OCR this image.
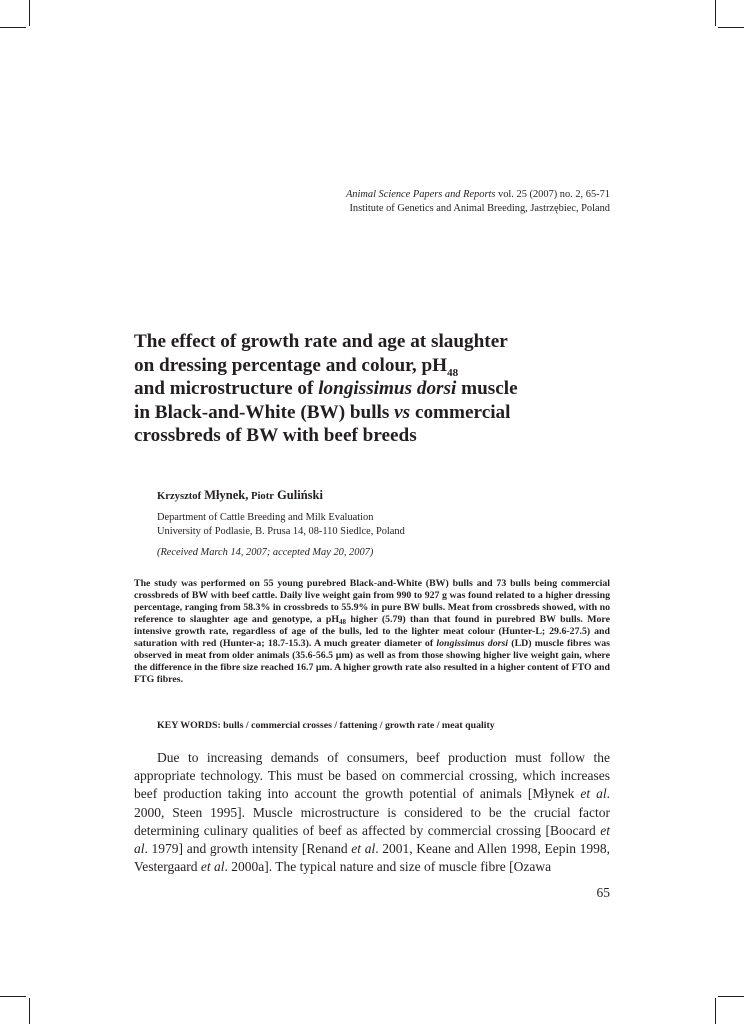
Animal Science Papers and Reports vol. 25 (2007) no. 2, 65-71
Institute of Genetics and Animal Breeding, Jastrzębiec, Poland
The effect of growth rate and age at slaughter
on dressing percentage and colour, $pH_{48}$
and microstructure of longissimus dorsi muscle
in Black-and-White (BW) bulls vs commercial
crossbreds of BW with beef breeds
Krzysztof Młynek, Piotr Guliński
Department of Cattle Breeding and Milk Evaluation
University of Podlasie, B. Prusa 14, 08-110 Siedlce, Poland
(Received March 14, 2007; accepted May 20, 2007)

The study was performed on 55 young purebred Black-and-White (BW) bulls and 73 bulls being commercial crossbreds of BW with beef cattle. Daily live weight gain from 990 to 927 g was found related to a higher dressing percentage, ranging from 58.3% in crossbreds to 55.9% in pure BW bulls. Meat from crossbreds showed, with no reference to slaughter age and genotype, a $pH_{48}$ higher (5.79) than that found in purebred BW bulls. More intensive growth rate, regardless of age of the bulls, led to the lighter meat colour (Hunter-L; 29.6-27.5) and saturation with red (Hunter-a; 18.7-15.3). A much greater diameter of longissimus dorsi (LD) muscle fibres was observed in meat from older animals (35.6-56.5 µm) as well as from those showing higher live weight gain, where the difference in the fibre size reached 16.7 µm. A higher growth rate also resulted in a higher content of FTO and FTG fibres.

KEY WORDS: bulls / commercial crosses / fattening / growth rate / meat quality

Due to increasing demands of consumers, beef production must follow the appropriate technology. This must be based on commercial crossing, which increases beef production taking into account the growth potential of animals [Młynek et al. 2000, Steen 1995]. Muscle microstructure is considered to be the crucial factor determining culinary qualities of beef as affected by commercial crossing [Boocard et al. 1979] and growth intensity [Renand et al. 2001, Keane and Allen 1998, Eepin 1998, Vestergaard et al. 2000a]. The typical nature and size of muscle fibre [Ozawa

65
